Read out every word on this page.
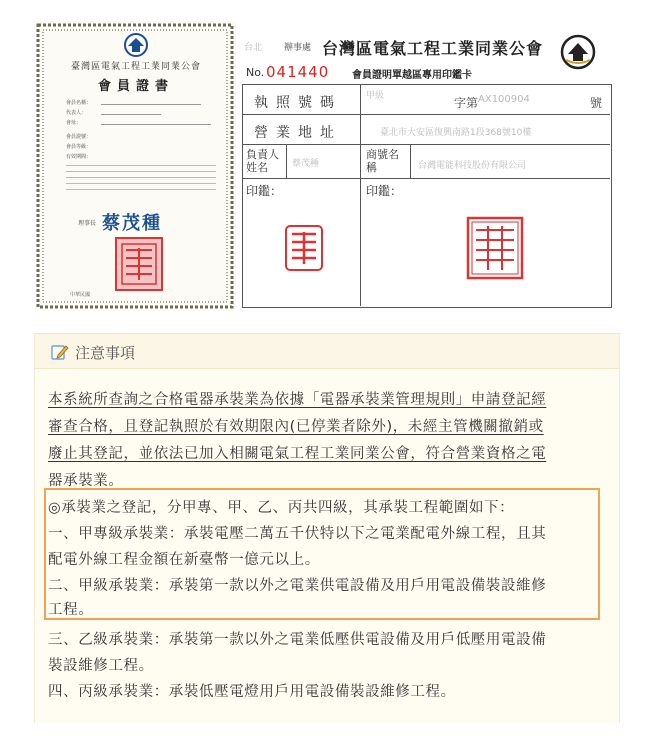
臺灣區電氣工程工業同業公會
會員證書
會員名稱：
代表人：
會址：
會員證號：
會員等級：
有效期間：
理事長 蔡茂種
中華民國
台北 辦事處 台灣區電氣工程工業同業公會
No. 041440 會員證明單越區專用印鑑卡
執照號碼	甲級	字第 AX100904	號
營業地址	臺北市大安區復興南路1段368號10樓
負責人姓名	蔡茂種
商號名稱	台灣電能科技股份有限公司
印鑑：	印鑑：
注意事項
本系統所查詢之合格電器承裝業為依據「電器承裝業管理規則」申請登記經
審查合格，且登記執照於有效期限內(已停業者除外)，未經主管機關撤銷或
廢止其登記，並依法已加入相關電氣工程工業同業公會，符合營業資格之電
器承裝業。
◎承裝業之登記，分甲專、甲、乙、丙共四級，其承裝工程範圍如下：
一、甲專級承裝業：承裝電壓二萬五千伏特以下之電業配電外線工程，且其
配電外線工程金額在新臺幣一億元以上。
二、甲級承裝業：承裝第一款以外之電業供電設備及用戶用電設備裝設維修
工程。
三、乙級承裝業：承裝第一款以外之電業低壓供電設備及用戶低壓用電設備
裝設維修工程。
四、丙級承裝業：承裝低壓電燈用戶用電設備裝設維修工程。
